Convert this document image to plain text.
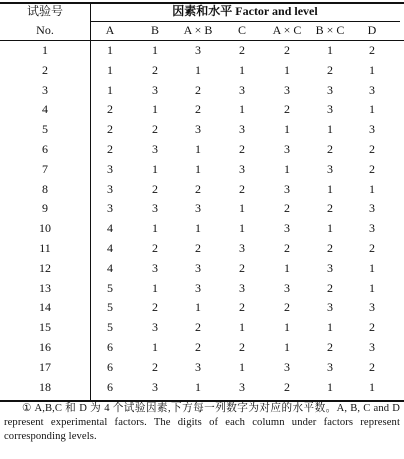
试验号
No.
因素和水平 Factor and level
A	B	A × B	C	A × C	B × C	D
1	1	1	3	2	2	1	2
2	1	2	1	1	1	2	1
3	1	3	2	3	3	3	3
4	2	1	2	1	2	3	1
5	2	2	3	3	1	1	3
6	2	3	1	2	3	2	2
7	3	1	1	3	1	3	2
8	3	2	2	2	3	1	1
9	3	3	3	1	2	2	3
10	4	1	1	1	3	1	3
11	4	2	2	3	2	2	2
12	4	3	3	2	1	3	1
13	5	1	3	3	3	2	1
14	5	2	1	2	2	3	3
15	5	3	2	1	1	1	2
16	6	1	2	2	1	2	3
17	6	2	3	1	3	3	2
18	6	3	1	3	2	1	1

① A,B,C 和 D 为 4 个试验因素,下方每一列数字为对应的水平数。A, B, C and D represent experimental factors. The digits of each column under factors represent corresponding levels.
